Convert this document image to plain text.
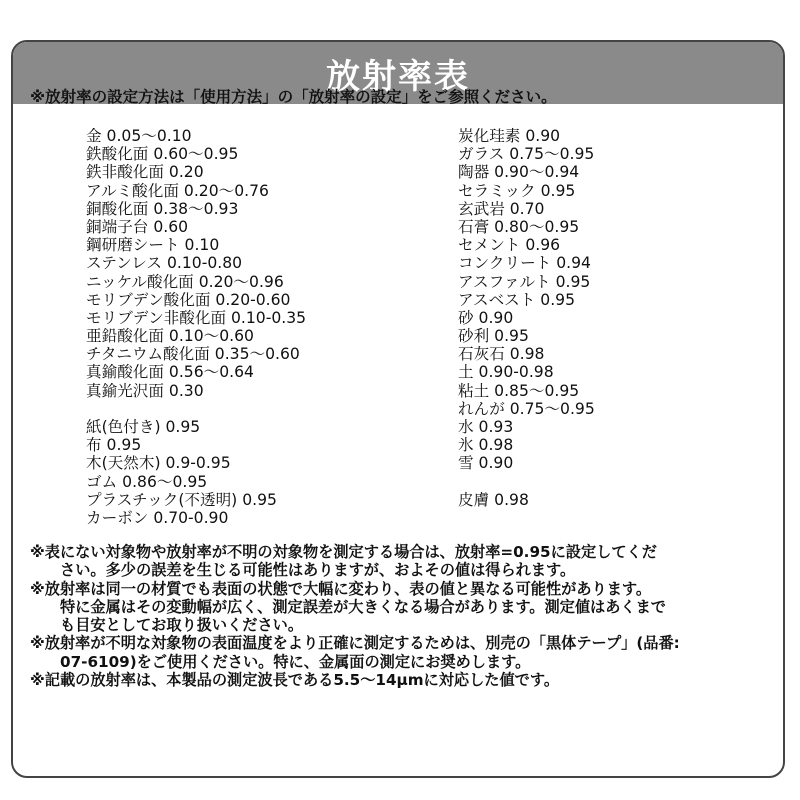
放射率表
※放射率の設定方法は「使用方法」の「放射率の設定」をご参照ください。
金 0.05〜0.10
鉄酸化面 0.60〜0.95
鉄非酸化面 0.20
アルミ酸化面 0.20〜0.76
銅酸化面 0.38〜0.93
銅端子台 0.60
鋼研磨シート 0.10
ステンレス 0.10-0.80
ニッケル酸化面 0.20〜0.96
モリブデン酸化面 0.20-0.60
モリブデン非酸化面 0.10-0.35
亜鉛酸化面 0.10〜0.60
チタニウム酸化面 0.35〜0.60
真鍮酸化面 0.56〜0.64
真鍮光沢面 0.30
紙(色付き) 0.95
布 0.95
木(天然木) 0.9-0.95
ゴム 0.86〜0.95
プラスチック(不透明) 0.95
カーボン 0.70-0.90
炭化珪素 0.90
ガラス 0.75〜0.95
陶器 0.90〜0.94
セラミック 0.95
玄武岩 0.70
石膏 0.80〜0.95
セメント 0.96
コンクリート 0.94
アスファルト 0.95
アスベスト 0.95
砂 0.90
砂利 0.95
石灰石 0.98
土 0.90-0.98
粘土 0.85〜0.95
れんが 0.75〜0.95
水 0.93
氷 0.98
雪 0.90
皮膚 0.98
※表にない対象物や放射率が不明の対象物を測定する場合は、放射率=0.95に設定してくだ
さい。多少の誤差を生じる可能性はありますが、およその値は得られます。
※放射率は同一の材質でも表面の状態で大幅に変わり、表の値と異なる可能性があります。
特に金属はその変動幅が広く、測定誤差が大きくなる場合があります。測定値はあくまで
も目安としてお取り扱いください。
※放射率が不明な対象物の表面温度をより正確に測定するためは、別売の「黒体テープ」(品番:
07-6109)をご使用ください。特に、金属面の測定にお奨めします。
※記載の放射率は、本製品の測定波長である5.5〜14μmに対応した値です。
